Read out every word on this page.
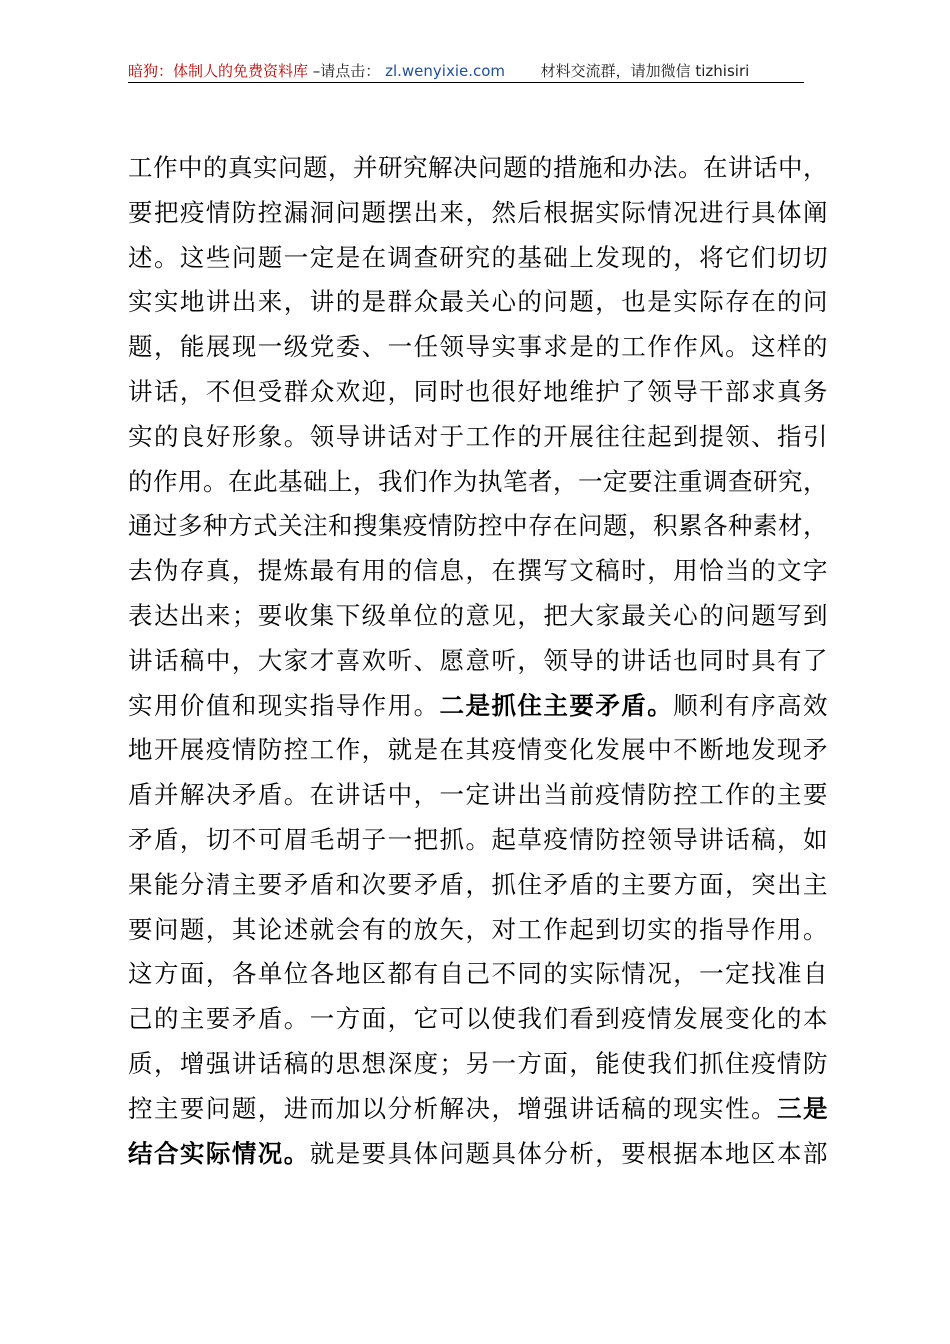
暗狗：体制人的免费资料库 –请点击： zl.wenyixie.com 材料交流群，请加微信 tizhisiri
工作中的真实问题，并研究解决问题的措施和办法。在讲话中，
要把疫情防控漏洞问题摆出来，然后根据实际情况进行具体阐
述。这些问题一定是在调查研究的基础上发现的，将它们切切
实实地讲出来，讲的是群众最关心的问题，也是实际存在的问
题，能展现一级党委、一任领导实事求是的工作作风。这样的
讲话，不但受群众欢迎，同时也很好地维护了领导干部求真务
实的良好形象。领导讲话对于工作的开展往往起到提领、指引
的作用。在此基础上，我们作为执笔者，一定要注重调查研究，
通过多种方式关注和搜集疫情防控中存在问题，积累各种素材，
去伪存真，提炼最有用的信息，在撰写文稿时，用恰当的文字
表达出来；要收集下级单位的意见，把大家最关心的问题写到
讲话稿中，大家才喜欢听、愿意听，领导的讲话也同时具有了
实用价值和现实指导作用。二是抓住主要矛盾。顺利有序高效
地开展疫情防控工作，就是在其疫情变化发展中不断地发现矛
盾并解决矛盾。在讲话中，一定讲出当前疫情防控工作的主要
矛盾，切不可眉毛胡子一把抓。起草疫情防控领导讲话稿，如
果能分清主要矛盾和次要矛盾，抓住矛盾的主要方面，突出主
要问题，其论述就会有的放矢，对工作起到切实的指导作用。
这方面，各单位各地区都有自己不同的实际情况，一定找准自
己的主要矛盾。一方面，它可以使我们看到疫情发展变化的本
质，增强讲话稿的思想深度；另一方面，能使我们抓住疫情防
控主要问题，进而加以分析解决，增强讲话稿的现实性。三是
结合实际情况。就是要具体问题具体分析，要根据本地区本部
